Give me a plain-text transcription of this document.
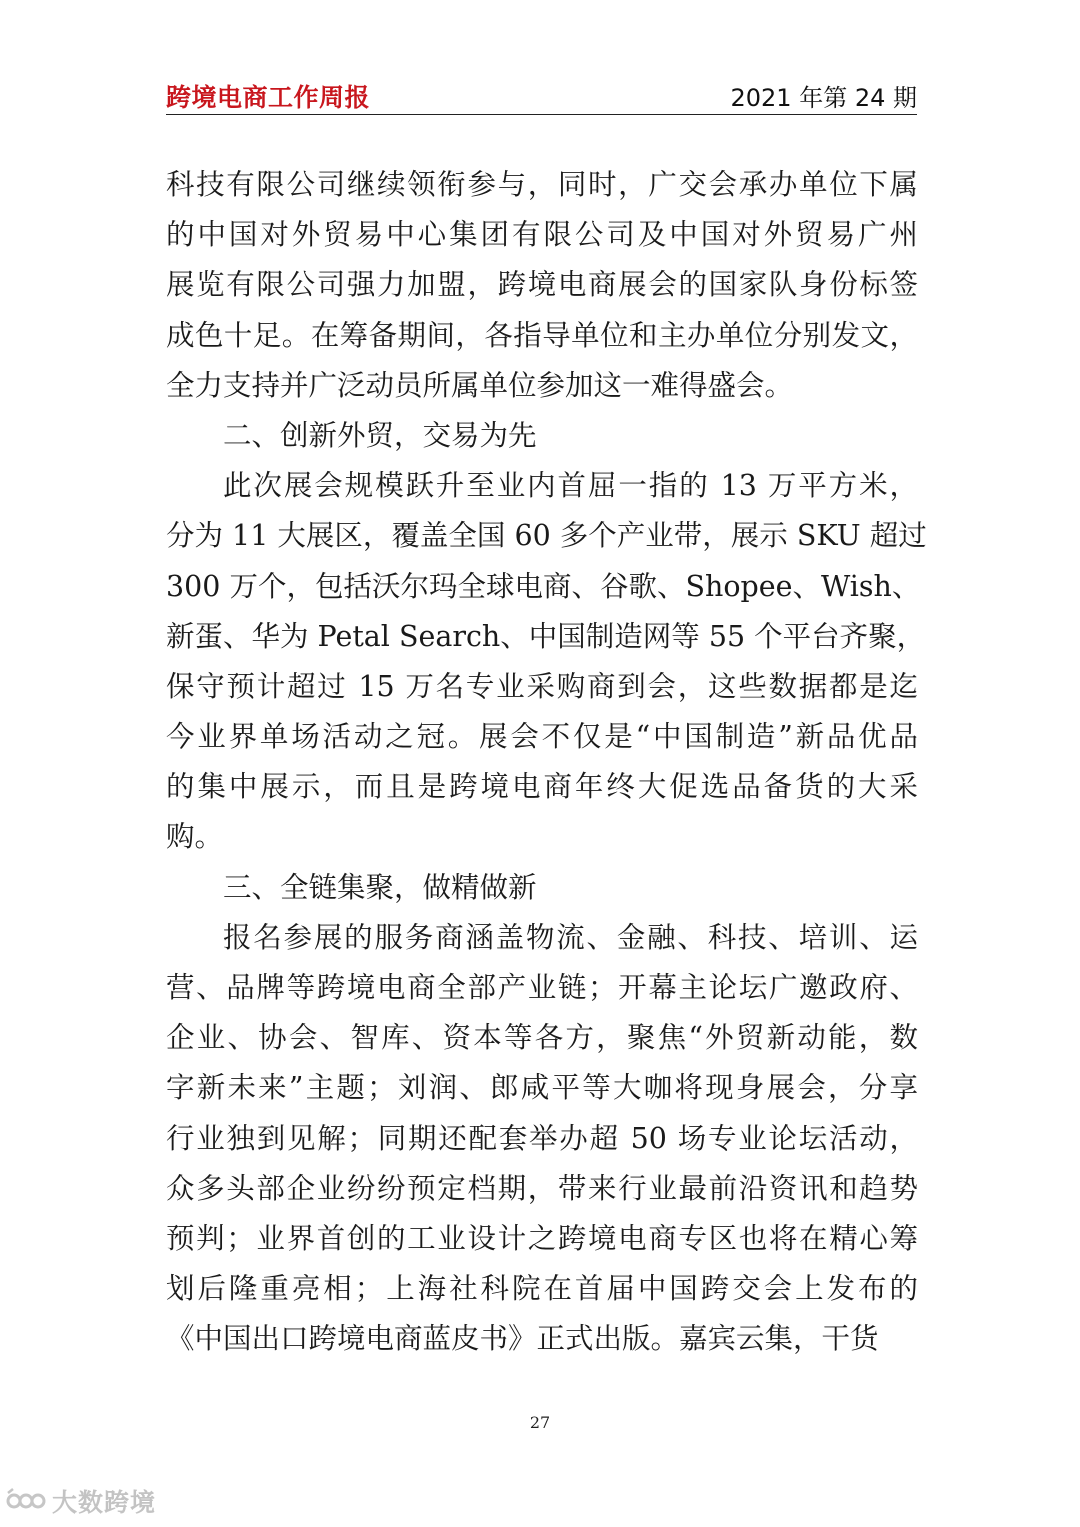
跨境电商工作周报	2021 年第 24 期
科技有限公司继续领衔参与，同时，广交会承办单位下属
的中国对外贸易中心集团有限公司及中国对外贸易广州
展览有限公司强力加盟，跨境电商展会的国家队身份标签
成色十足。在筹备期间，各指导单位和主办单位分别发文，
全力支持并广泛动员所属单位参加这一难得盛会。
二、创新外贸，交易为先
此次展会规模跃升至业内首屈一指的 13 万平方米，
分为 11 大展区，覆盖全国 60 多个产业带，展示 SKU 超过
300 万个，包括沃尔玛全球电商、谷歌、Shopee、Wish、
新蛋、华为 Petal Search、中国制造网等 55 个平台齐聚，
保守预计超过 15 万名专业采购商到会，这些数据都是迄
今业界单场活动之冠。展会不仅是“中国制造”新品优品
的集中展示，而且是跨境电商年终大促选品备货的大采
购。
三、全链集聚，做精做新
报名参展的服务商涵盖物流、金融、科技、培训、运
营、品牌等跨境电商全部产业链；开幕主论坛广邀政府、
企业、协会、智库、资本等各方，聚焦“外贸新动能，数
字新未来”主题；刘润、郎咸平等大咖将现身展会，分享
行业独到见解；同期还配套举办超 50 场专业论坛活动，
众多头部企业纷纷预定档期，带来行业最前沿资讯和趋势
预判；业界首创的工业设计之跨境电商专区也将在精心筹
划后隆重亮相；上海社科院在首届中国跨交会上发布的
《中国出口跨境电商蓝皮书》正式出版。嘉宾云集，干货
27
大数跨境
